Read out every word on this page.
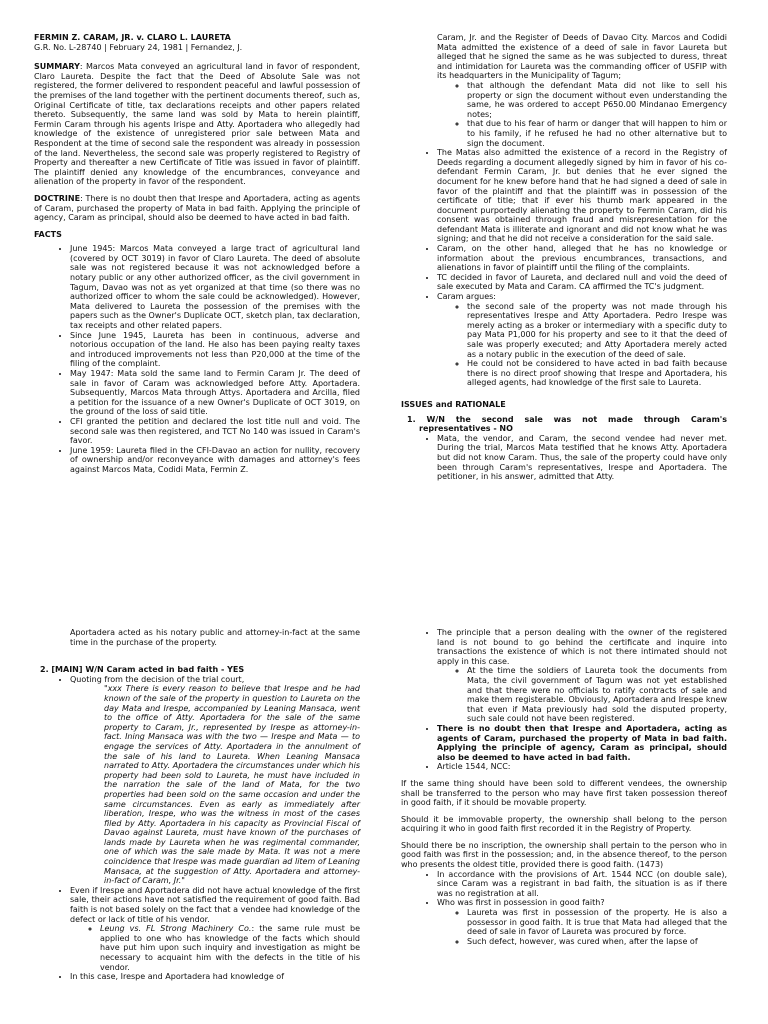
FERMIN Z. CARAM, JR. v. CLARO L. LAURETA

G.R. No. L-28740 | February 24, 1981 | Fernandez, J.

SUMMARY: Marcos Mata conveyed an agricultural land in favor of respondent, Claro Laureta. Despite the fact that the Deed of Absolute Sale was not registered, the former delivered to respondent peaceful and lawful possession of the premises of the land together with the pertinent documents thereof, such as, Original Certificate of title, tax declarations receipts and other papers related thereto. Subsequently, the same land was sold by Mata to herein plaintiff, Fermin Caram through his agents Irispe and Atty. Aportadera who allegedly had knowledge of the existence of unregistered prior sale between Mata and Respondent at the time of second sale the respondent was already in possession of the land. Nevertheless, the second sale was properly registered to Registry of Property and thereafter a new Certificate of Title was issued in favor of plaintiff. The plaintiff denied any knowledge of the encumbrances, conveyance and alienation of the property in favor of the respondent.

DOCTRINE: There is no doubt then that Irespe and Aportadera, acting as agents of Caram, purchased the property of Mata in bad faith. Applying the principle of agency, Caram as principal, should also be deemed to have acted in bad faith.

FACTS
• June 1945: Marcos Mata conveyed a large tract of agricultural land (covered by OCT 3019) in favor of Claro Laureta. The deed of absolute sale was not registered because it was not acknowledged before a notary public or any other authorized officer, as the civil government in Tagum, Davao was not as yet organized at that time (so there was no authorized officer to whom the sale could be acknowledged). However, Mata delivered to Laureta the possession of the premises with the papers such as the Owner's Duplicate OCT, sketch plan, tax declaration, tax receipts and other related papers.
• Since June 1945, Laureta has been in continuous, adverse and notorious occupation of the land. He also has been paying realty taxes and introduced improvements not less than P20,000 at the time of the filing of the complaint.
• May 1947: Mata sold the same land to Fermin Caram Jr. The deed of sale in favor of Caram was acknowledged before Atty. Aportadera. Subsequently, Marcos Mata through Attys. Aportadera and Arcilla, filed a petition for the issuance of a new Owner's Duplicate of OCT 3019, on the ground of the loss of said title.
• CFI granted the petition and declared the lost title null and void. The second sale was then registered, and TCT No 140 was issued in Caram's favor.
• June 1959: Laureta filed in the CFI-Davao an action for nullity, recovery of ownership and/or reconveyance with damages and attorney's fees against Marcos Mata, Codidi Mata, Fermin Z.
Caram, Jr. and the Register of Deeds of Davao City. Marcos and Codidi Mata admitted the existence of a deed of sale in favor Laureta but alleged that he signed the same as he was subjected to duress, threat and intimidation for Laureta was the commanding officer of USFIP with its headquarters in the Municipality of Tagum;
◦ that although the defendant Mata did not like to sell his property or sign the document without even understanding the same, he was ordered to accept P650.00 Mindanao Emergency notes;
◦ that due to his fear of harm or danger that will happen to him or to his family, if he refused he had no other alternative but to sign the document.
• The Matas also admitted the existence of a record in the Registry of Deeds regarding a document allegedly signed by him in favor of his co-defendant Fermin Caram, Jr. but denies that he ever signed the document for he knew before hand that he had signed a deed of sale in favor of the plaintiff and that the plaintiff was in possession of the certificate of title; that if ever his thumb mark appeared in the document purportedly alienating the property to Fermin Caram, did his consent was obtained through fraud and misrepresentation for the defendant Mata is illiterate and ignorant and did not know what he was signing; and that he did not receive a consideration for the said sale.
• Caram, on the other hand, alleged that he has no knowledge or information about the previous encumbrances, transactions, and alienations in favor of plaintiff until the filing of the complaints.
• TC decided in favor of Laureta, and declared null and void the deed of sale executed by Mata and Caram. CA affirmed the TC's judgment.
• Caram argues:
◦ the second sale of the property was not made through his representatives Irespe and Atty Aportadera. Pedro Irespe was merely acting as a broker or intermediary with a specific duty to pay Mata P1,000 for his property and see to it that the deed of sale was properly executed; and Atty Aportadera merely acted as a notary public in the execution of the deed of sale.
◦ He could not be considered to have acted in bad faith because there is no direct proof showing that Irespe and Aportadera, his alleged agents, had knowledge of the first sale to Laureta.
ISSUES and RATIONALE

1. W/N the second sale was not made through Caram's representatives - NO

• Mata, the vendor, and Caram, the second vendee had never met. During the trial, Marcos Mata testified that he knows Atty. Aportadera but did not know Caram. Thus, the sale of the property could have only been through Caram's representatives, Irespe and Aportadera. The petitioner, in his answer, admitted that Atty.

Aportadera acted as his notary public and attorney-in-fact at the same time in the purchase of the property.

2. [MAIN] W/N Caram acted in bad faith - YES

• Quoting from the decision of the trial court,

"xxx There is every reason to believe that Irespe and he had known of the sale of the property in question to Laureta on the day Mata and Irespe, accompanied by Leaning Mansaca, went to the office of Atty. Aportadera for the sale of the same property to Caram, Jr., represented by Irespe as attorney-in-fact. Ining Mansaca was with the two — Irespe and Mata — to engage the services of Atty. Aportadera in the annulment of the sale of his land to Laureta. When Leaning Mansaca narrated to Atty. Aportadera the circumstances under which his property had been sold to Laureta, he must have included in the narration the sale of the land of Mata, for the two properties had been sold on the same occasion and under the same circumstances. Even as early as immediately after liberation, Irespe, who was the witness in most of the cases filed by Atty. Aportadera in his capacity as Provincial Fiscal of Davao against Laureta, must have known of the purchases of lands made by Laureta when he was regimental commander, one of which was the sale made by Mata. It was not a mere coincidence that Irespe was made guardian ad litem of Leaning Mansaca, at the suggestion of Atty. Aportadera and attorney-in-fact of Caram, Jr."

• Even if Irespe and Aportadera did not have actual knowledge of the first sale, their actions have not satisfied the requirement of good faith. Bad faith is not based solely on the fact that a vendee had knowledge of the defect or lack of title of his vendor.
◦ Leung vs. FL Strong Machinery Co.: the same rule must be applied to one who has knowledge of the facts which should have put him upon such inquiry and investigation as might be necessary to acquaint him with the defects in the title of his vendor.
• In this case, Irespe and Aportadera had knowledge of
• The principle that a person dealing with the owner of the registered land is not bound to go behind the certificate and inquire into transactions the existence of which is not there intimated should not apply in this case.
◦ At the time the soldiers of Laureta took the documents from Mata, the civil government of Tagum was not yet established and that there were no officials to ratify contracts of sale and make them registerable. Obviously, Aportadera and Irespe knew that even if Mata previously had sold the disputed property, such sale could not have been registered.
• There is no doubt then that Irespe and Aportadera, acting as agents of Caram, purchased the property of Mata in bad faith. Applying the principle of agency, Caram as principal, should also be deemed to have acted in bad faith.
• Article 1544, NCC:

If the same thing should have been sold to different vendees, the ownership shall be transferred to the person who may have first taken possession thereof in good faith, if it should be movable property.

Should it be immovable property, the ownership shall belong to the person acquiring it who in good faith first recorded it in the Registry of Property.

Should there be no inscription, the ownership shall pertain to the person who in good faith was first in the possession; and, in the absence thereof, to the person who presents the oldest title, provided there is good faith. (1473)

• In accordance with the provisions of Art. 1544 NCC (on double sale), since Caram was a registrant in bad faith, the situation is as if there was no registration at all.
• Who was first in possession in good faith?
◦ Laureta was first in possession of the property. He is also a possessor in good faith. It is true that Mata had alleged that the deed of sale in favor of Laureta was procured by force.
◦ Such defect, however, was cured when, after the lapse of
